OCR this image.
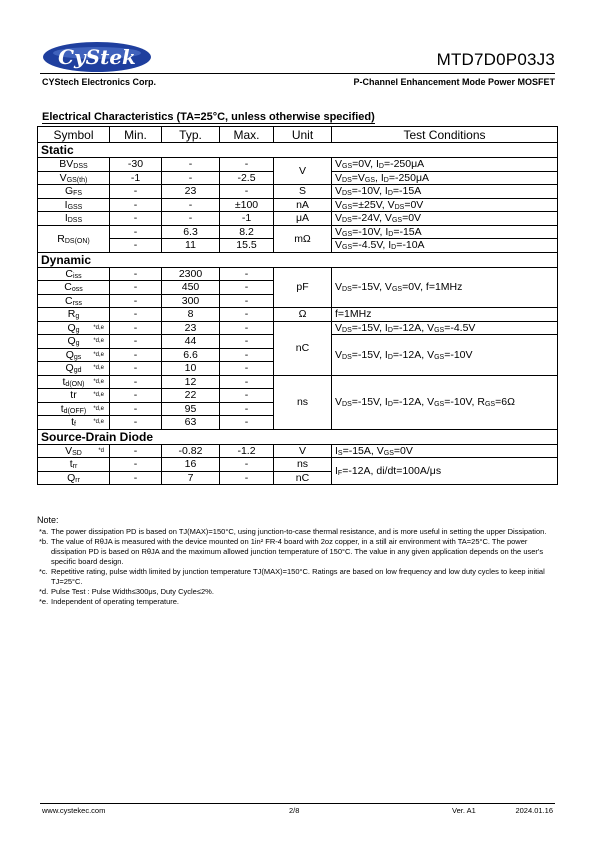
CyStek	MTD7D0P03J3
CYStech Electronics Corp.	P-Channel Enhancement Mode Power MOSFET
Electrical Characteristics (TA=25°C, unless otherwise specified)
Symbol	Min.	Typ.	Max.	Unit	Test Conditions
Static					
$BV_{DSS}$	-30	-	-	V	$V_{GS}=0V$, $I_D=-250\mu A$
$V_{GS(th)}$	-1	-	-2.5		$V_{DS}=V_{GS}$, $I_D=-250\mu A$
$G_{FS}$	-	23	-	S	$V_{DS}=-10V$, $I_D=-15A$
$I_{GSS}$	-	-	±100	nA	$V_{GS}=\pm 25V$, $V_{DS}=0V$
$I_{DSS}$	-	-	-1	μA	$V_{DS}=-24V$, $V_{GS}=0V$
$R_{DS(ON)}$	-	6.3	8.2	mΩ	$V_{GS}=-10V$, $I_D=-15A$
	-	11	15.5		$V_{GS}=-4.5V$, $I_D=-10A$
Dynamic					
$C_{iss}$	-	2300	-	pF	$V_{DS}=-15V$, $V_{GS}=0V$, f=1MHz
$C_{oss}$	-	450	-		
$C_{rss}$	-	300	-		
$R_g$	-	8	-	Ω	f=1MHz

$Q_g$ *d,e	-	23	-	nC	$V_{DS}=-15V$, $I_D=-12A$, $V_{GS}=-4.5V$

$Q_g$ *d,e	-	44	-		$V_{DS}=-15V$, $I_D=-12A$, $V_{GS}=-10V$

$Q_{gs}$ *d,e	-	6.6	-		

$Q_{gd}$ *d,e	-	10	-		

$t_{d(ON)}$ *d,e	-	12	-	ns	$V_{DS}=-15V$, $I_D=-12A$, $V_{GS}=-10V$, $R_{GS}=6\Omega$

tr *d,e	-	22	-		

$t_{d(OFF)}$ *d,e	-	95	-		

$t_f$ *d,e	-	63	-		
Source-Drain Diode					

$V_{SD}$ *d	-	-0.82	-1.2	V	$I_S=-15A$, $V_{GS}=0V$
$t_{rr}$	-	16	-	ns	$I_F=-12A$, di/dt=100A/μs
$Q_{rr}$	-	7	-	nC	
Note:
*a. The power dissipation PD is based on TJ(MAX)=150°C, using junction-to-case thermal resistance, and is more useful in setting the upper Dissipation.
*b. The value of RθJA is measured with the device mounted on 1in² FR-4 board with 2oz copper, in a still air environment with TA=25°C. The power dissipation PD is based on RθJA and the maximum allowed junction temperature of 150°C. The value in any given application depends on the user's specific board design.
*c. Repetitive rating, pulse width limited by junction temperature TJ(MAX)=150°C. Ratings are based on low frequency and low duty cycles to keep initial TJ=25°C.
*d. Pulse Test : Pulse Width≤300μs, Duty Cycle≤2%.
*e. Independent of operating temperature.
www.cystekec.com	2/8	Ver. A1	2024.01.16
